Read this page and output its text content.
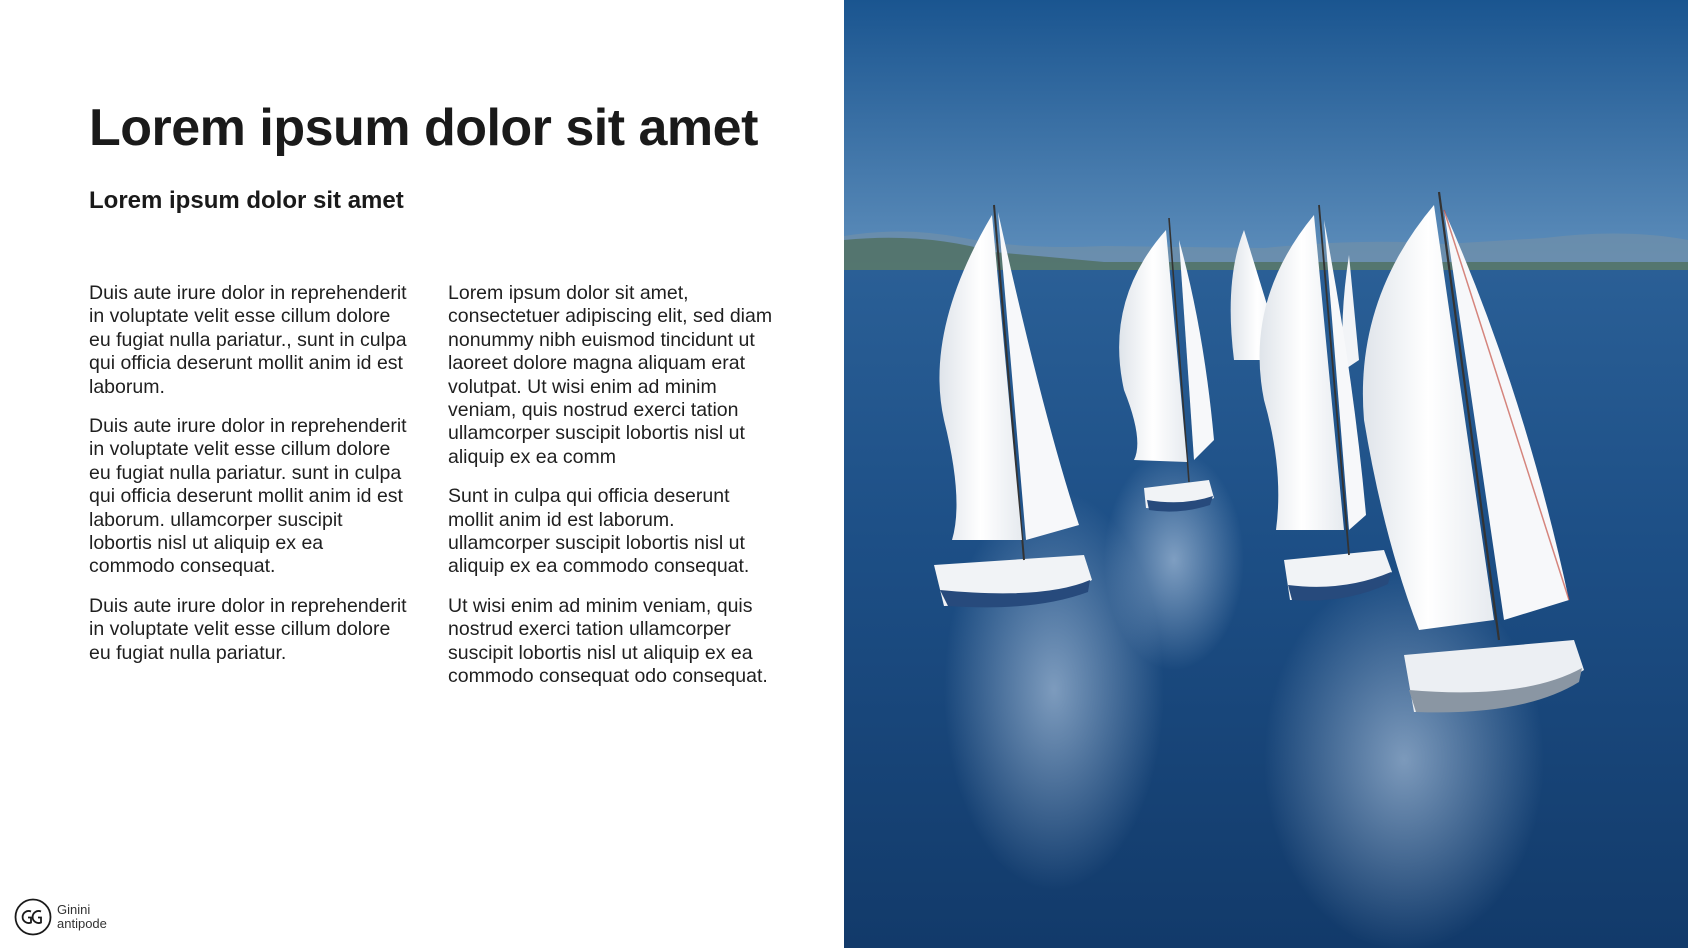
Lorem ipsum dolor sit amet
Lorem ipsum dolor sit amet

Duis aute irure dolor in reprehenderit in voluptate velit esse cillum dolore eu fugiat nulla pariatur., sunt in culpa qui officia deserunt mollit anim id est laborum.

Duis aute irure dolor in reprehenderit in voluptate velit esse cillum dolore eu fugiat nulla pariatur. sunt in culpa qui officia deserunt mollit anim id est laborum. ullamcorper suscipit lobortis nisl ut aliquip ex ea commodo consequat.

Duis aute irure dolor in reprehenderit in voluptate velit esse cillum dolore eu fugiat nulla pariatur.

Lorem ipsum dolor sit amet, consectetuer adipiscing elit, sed diam nonummy nibh euismod tincidunt ut laoreet dolore magna aliquam erat volutpat. Ut wisi enim ad minim veniam, quis nostrud exerci tation ullamcorper suscipit lobortis nisl ut aliquip ex ea comm

Sunt in culpa qui officia deserunt mollit anim id est laborum. ullamcorper suscipit lobortis nisl ut aliquip ex ea commodo consequat.

Ut wisi enim ad minim veniam, quis nostrud exerci tation ullamcorper suscipit lobortis nisl ut aliquip ex ea commodo consequat odo consequat.

Ginini
antipode
